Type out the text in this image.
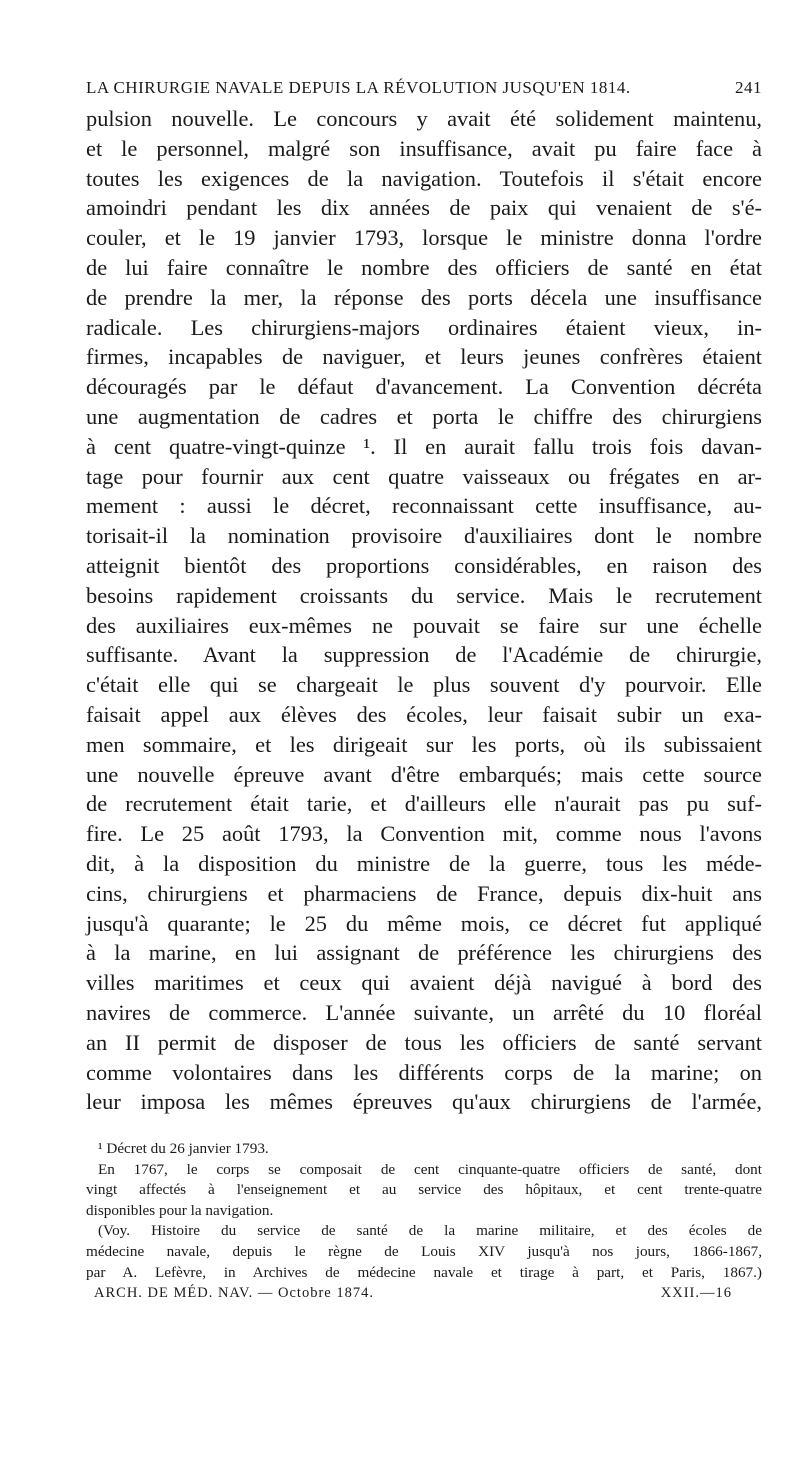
LA CHIRURGIE NAVALE DEPUIS LA RÉVOLUTION JUSQU'EN 1814.	241
pulsion nouvelle. Le concours y avait été solidement maintenu,
et le personnel, malgré son insuffisance, avait pu faire face à
toutes les exigences de la navigation. Toutefois il s'était encore
amoindri pendant les dix années de paix qui venaient de s'é-
couler, et le 19 janvier 1793, lorsque le ministre donna l'ordre
de lui faire connaître le nombre des officiers de santé en état
de prendre la mer, la réponse des ports décela une insuffisance
radicale. Les chirurgiens-majors ordinaires étaient vieux, in-
firmes, incapables de naviguer, et leurs jeunes confrères étaient
découragés par le défaut d'avancement. La Convention décréta
une augmentation de cadres et porta le chiffre des chirurgiens
à cent quatre-vingt-quinze ¹. Il en aurait fallu trois fois davan-
tage pour fournir aux cent quatre vaisseaux ou frégates en ar-
mement : aussi le décret, reconnaissant cette insuffisance, au-
torisait-il la nomination provisoire d'auxiliaires dont le nombre
atteignit bientôt des proportions considérables, en raison des
besoins rapidement croissants du service. Mais le recrutement
des auxiliaires eux-mêmes ne pouvait se faire sur une échelle
suffisante. Avant la suppression de l'Académie de chirurgie,
c'était elle qui se chargeait le plus souvent d'y pourvoir. Elle
faisait appel aux élèves des écoles, leur faisait subir un exa-
men sommaire, et les dirigeait sur les ports, où ils subissaient
une nouvelle épreuve avant d'être embarqués; mais cette source
de recrutement était tarie, et d'ailleurs elle n'aurait pas pu suf-
fire. Le 25 août 1793, la Convention mit, comme nous l'avons
dit, à la disposition du ministre de la guerre, tous les méde-
cins, chirurgiens et pharmaciens de France, depuis dix-huit ans
jusqu'à quarante; le 25 du même mois, ce décret fut appliqué
à la marine, en lui assignant de préférence les chirurgiens des
villes maritimes et ceux qui avaient déjà navigué à bord des
navires de commerce. L'année suivante, un arrêté du 10 floréal
an II permit de disposer de tous les officiers de santé servant
comme volontaires dans les différents corps de la marine; on
leur imposa les mêmes épreuves qu'aux chirurgiens de l'armée,
¹ Décret du 26 janvier 1793.
En 1767, le corps se composait de cent cinquante-quatre officiers de santé, dont
vingt affectés à l'enseignement et au service des hôpitaux, et cent trente-quatre
disponibles pour la navigation.
(Voy. Histoire du service de santé de la marine militaire, et des écoles de
médecine navale, depuis le règne de Louis XIV jusqu'à nos jours, 1866-1867,
par A. Lefèvre, in Archives de médecine navale et tirage à part, et Paris, 1867.)
ARCH. DE MÉD. NAV. — Octobre 1874.	XXII.—16
